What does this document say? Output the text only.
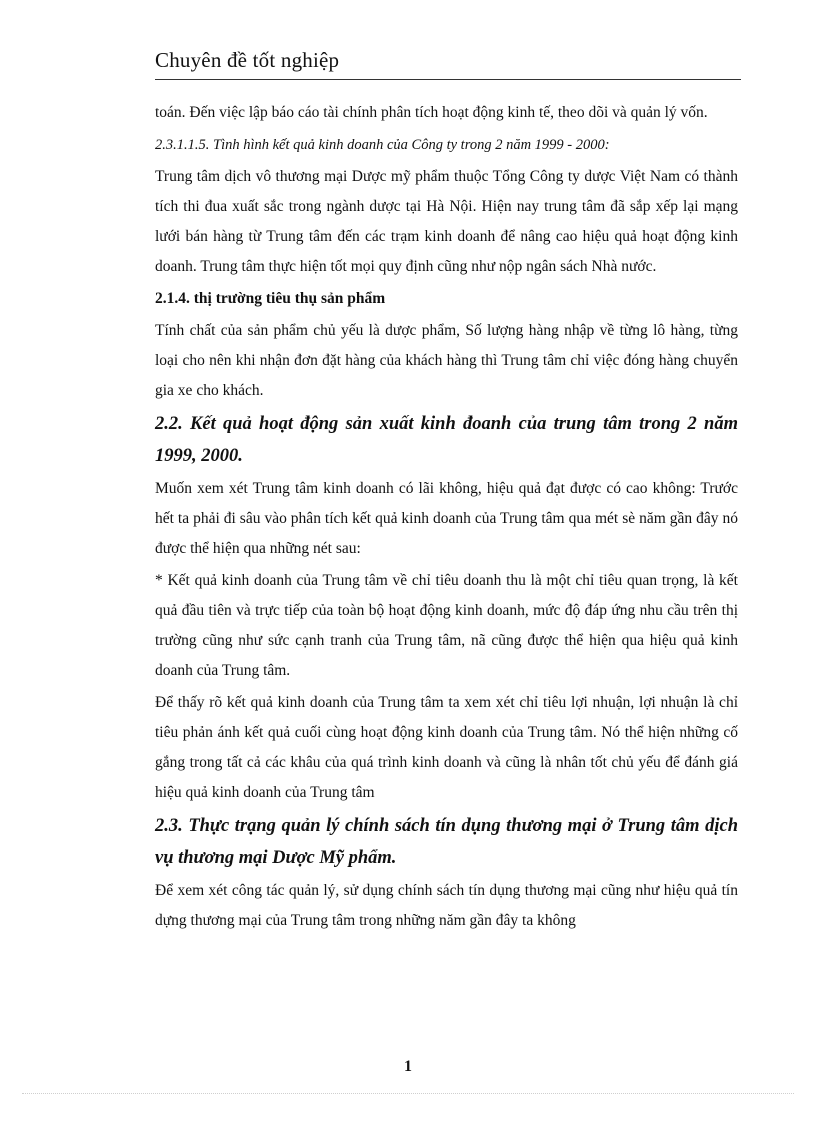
Chuyên đề tốt nghiệp

toán. Đến việc lập báo cáo tài chính phân tích hoạt động kinh tế, theo dõi và quản lý vốn.

2.3.1.1.5. Tình hình kết quả kinh doanh của Công ty trong 2 năm 1999 - 2000:

Trung tâm dịch vô thương mại Dược mỹ phẩm thuộc Tổng Công ty dược Việt Nam có thành tích thi đua xuất sắc trong ngành dược tại Hà Nội. Hiện nay trung tâm đã sắp xếp lại mạng lưới bán hàng từ Trung tâm đến các trạm kinh doanh để nâng cao hiệu quả hoạt động kinh doanh. Trung tâm thực hiện tốt mọi quy định cũng như nộp ngân sách Nhà nước.

2.1.4. thị trường tiêu thụ sản phẩm

Tính chất của sản phẩm chủ yếu là dược phẩm, Số lượng hàng nhập về từng lô hàng, từng loại cho nên khi nhận đơn đặt hàng của khách hàng thì Trung tâm chỉ việc đóng hàng chuyển gia xe cho khách.

2.2. Kết quả hoạt động sản xuất kinh đoanh của trung tâm trong 2 năm 1999, 2000.

Muốn xem xét Trung tâm kinh doanh có lãi không, hiệu quả đạt được có cao không: Trước hết ta phải đi sâu vào phân tích kết quả kinh doanh của Trung tâm qua mét sè năm gần đây nó được thể hiện qua những nét sau:

* Kết quả kinh doanh của Trung tâm về chỉ tiêu doanh thu là một chỉ tiêu quan trọng, là kết quả đầu tiên và trực tiếp của toàn bộ hoạt động kinh doanh, mức độ đáp ứng nhu cầu trên thị trường cũng như sức cạnh tranh của Trung tâm, nã cũng được thể hiện qua hiệu quả kinh doanh của Trung tâm.

Để thấy rõ kết quả kinh doanh của Trung tâm ta xem xét chỉ tiêu lợi nhuận, lợi nhuận là chỉ tiêu phản ánh kết quả cuối cùng hoạt động kinh doanh của Trung tâm. Nó thể hiện những cố gắng trong tất cả các khâu của quá trình kinh doanh và cũng là nhân tốt chủ yếu để đánh giá hiệu quả kinh doanh của Trung tâm

2.3. Thực trạng quản lý chính sách tín dụng thương mại ở Trung tâm dịch vụ thương mại Dược Mỹ phẩm.

Để xem xét công tác quản lý, sử dụng chính sách tín dụng thương mại cũng như hiệu quả tín dựng thương mại của Trung tâm trong những năm gần đây ta không

1
